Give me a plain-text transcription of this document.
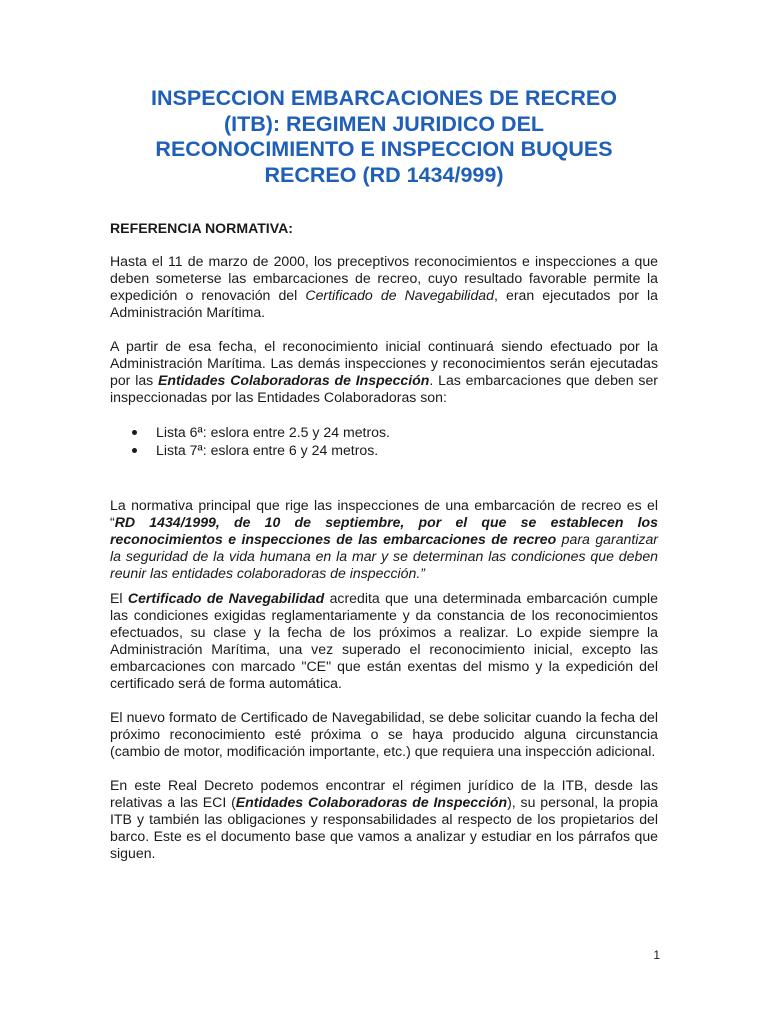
INSPECCION EMBARCACIONES DE RECREO
(ITB): REGIMEN JURIDICO DEL
RECONOCIMIENTO E INSPECCION BUQUES
RECREO (RD 1434/999)
REFERENCIA NORMATIVA:

Hasta el 11 de marzo de 2000, los preceptivos reconocimientos e inspecciones a que deben someterse las embarcaciones de recreo, cuyo resultado favorable permite la expedición o renovación del Certificado de Navegabilidad, eran ejecutados por la Administración Marítima.

A partir de esa fecha, el reconocimiento inicial continuará siendo efectuado por la Administración Marítima. Las demás inspecciones y reconocimientos serán ejecutadas por las Entidades Colaboradoras de Inspección. Las embarcaciones que deben ser inspeccionadas por las Entidades Colaboradoras son:

Lista 6ª: eslora entre 2.5 y 24 metros.
Lista 7ª: eslora entre 6 y 24 metros.

La normativa principal que rige las inspecciones de una embarcación de recreo es el “RD 1434/1999, de 10 de septiembre, por el que se establecen los reconocimientos e inspecciones de las embarcaciones de recreo para garantizar la seguridad de la vida humana en la mar y se determinan las condiciones que deben reunir las entidades colaboradoras de inspección.”

El Certificado de Navegabilidad acredita que una determinada embarcación cumple las condiciones exigidas reglamentariamente y da constancia de los reconocimientos efectuados, su clase y la fecha de los próximos a realizar. Lo expide siempre la Administración Marítima, una vez superado el reconocimiento inicial, excepto las embarcaciones con marcado "CE" que están exentas del mismo y la expedición del certificado será de forma automática.

El nuevo formato de Certificado de Navegabilidad, se debe solicitar cuando la fecha del próximo reconocimiento esté próxima o se haya producido alguna circunstancia (cambio de motor, modificación importante, etc.) que requiera una inspección adicional.

En este Real Decreto podemos encontrar el régimen jurídico de la ITB, desde las relativas a las ECI (Entidades Colaboradoras de Inspección), su personal, la propia ITB y también las obligaciones y responsabilidades al respecto de los propietarios del barco. Este es el documento base que vamos a analizar y estudiar en los párrafos que siguen.

1
